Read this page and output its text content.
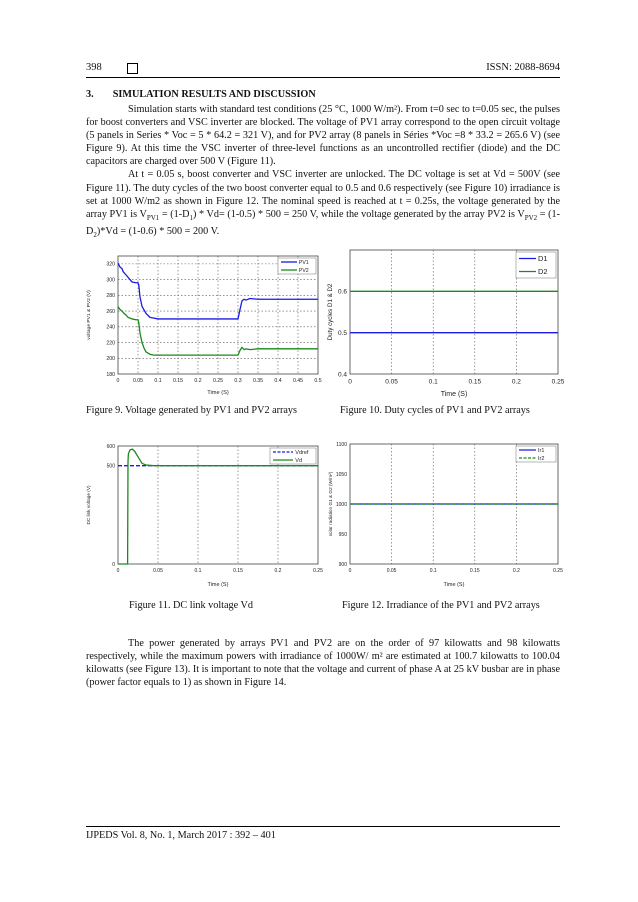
398	ISSN: 2088-8694
3. SIMULATION RESULTS AND DISCUSSION

Simulation starts with standard test conditions (25 °C, 1000 W/m²). From t=0 sec to t=0.05 sec, the pulses for boost converters and VSC inverter are blocked. The voltage of PV1 array correspond to the open circuit voltage (5 panels in Series * Voc = 5 * 64.2 = 321 V), and for PV2 array (8 panels in Séries *Voc =8 * 33.2 = 265.6 V) (see Figure 9). At this time the VSC inverter of three-level functions as an uncontrolled rectifier (diode) and the DC capacitors are charged over 500 V (Figure 11).

At t = 0.05 s, boost converter and VSC inverter are unlocked. The DC voltage is set at Vd = 500V (see Figure 11). The duty cycles of the two boost converter equal to 0.5 and 0.6 respectively (see Figure 10) irradiance is set at 1000 W/m2 as shown in Figure 12. The nominal speed is reached at t = 0.25s, the voltage generated by the array PV1 is $V_{PV1} = (1-D_1) * Vd= (1-0.5) * 500 = 250$ V, while the voltage generated by the array PV2 is $V_{PV2} = (1-D_2)*Vd = (1-0.6) * 500 = 200$ V.

0	0.05 0.1 0.15 0.2 0.25 0.3 0.35 0.4 0.45 0.5
180
200
220
240
260
280
300
320	PV1
PV2
Time (S)
voltage PV1 & PV2 (V)
0	0.05	0.1	0.15	0.2	0.25
0.4
0.5
0.6
D1
D2
Time (S)
Duty cycles D1 & D2
0	0.05	0.1	0.15	0.2	0.25
0
500
600
Vdref
Vd
Time (S)
DC link voltage (V)
0	0.05	0.1	0.15	0.2	0.25
900
950
1000
1050
1100
Ir1
Ir2
Time (S)
solar radiation G1 & G2 (W/m²)
Figure 9. Voltage generated by PV1 and PV2 arrays	Figure 10. Duty cycles of PV1 and PV2 arrays
Figure 11. DC link voltage Vd	Figure 12. Irradiance of the PV1 and PV2 arrays

The power generated by arrays PV1 and PV2 are on the order of 97 kilowatts and 98 kilowatts respectively, while the maximum powers with irradiance of 1000W/ m² are estimated at 100.7 kilowatts to 100.04 kilowatts (see Figure 13). It is important to note that the voltage and current of phase A at 25 kV busbar are in phase (power factor equals to 1) as shown in Figure 14.

IJPEDS Vol. 8, No. 1, March 2017 : 392 – 401
